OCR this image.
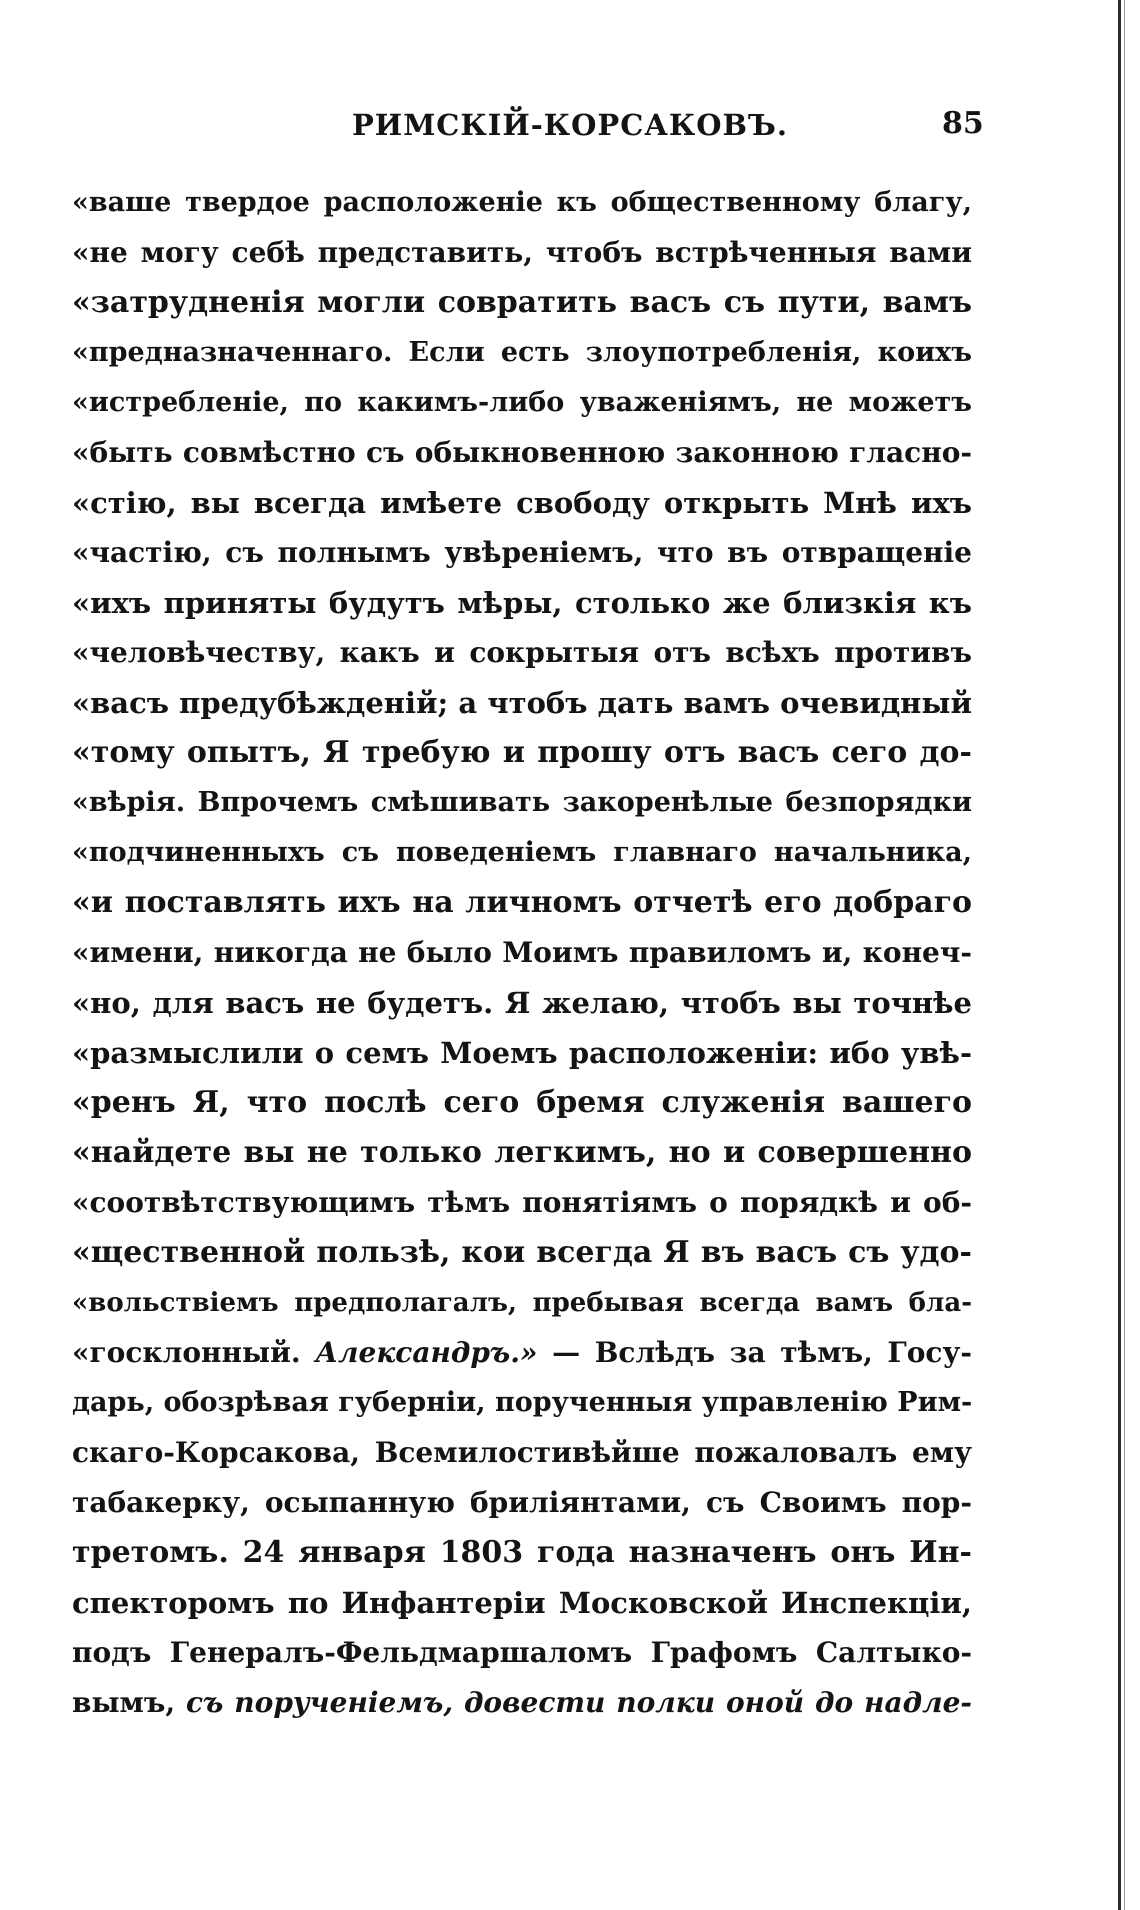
РИМСКІЙ-КОРСАКОВЪ.	85
«ваше твердое расположеніе къ общественному благу,
«не могу себѣ представить, чтобъ встрѣченныя вами
«затрудненія могли совратить васъ съ пути, вамъ
«предназначеннаго. Если есть злоупотребленія, коихъ
«истребленіе, по какимъ-либо уваженіямъ, не можетъ
«быть совмѣстно съ обыкновенною законною гласно-
«стію, вы всегда имѣете свободу открыть Мнѣ ихъ
«частію, съ полнымъ увѣреніемъ, что въ отвращеніе
«ихъ приняты будутъ мѣры, столько же близкія къ
«человѣчеству, какъ и сокрытыя отъ всѣхъ противъ
«васъ предубѣжденій; а чтобъ дать вамъ очевидный
«тому опытъ, Я требую и прошу отъ васъ сего до-
«вѣрія. Впрочемъ смѣшивать закоренѣлые безпорядки
«подчиненныхъ съ поведеніемъ главнаго начальника,
«и поставлять ихъ на личномъ отчетѣ его добраго
«имени, никогда не было Моимъ правиломъ и, конеч-
«но, для васъ не будетъ. Я желаю, чтобъ вы точнѣе
«размыслили о семъ Моемъ расположеніи: ибо увѣ-
«ренъ Я, что послѣ сего бремя служенія вашего
«найдете вы не только легкимъ, но и совершенно
«соотвѣтствующимъ тѣмъ понятіямъ о порядкѣ и об-
«щественной пользѣ, кои всегда Я въ васъ съ удо-
«вольствіемъ предполагалъ, пребывая всегда вамъ бла-
«госклонный. Александръ.» — Вслѣдъ за тѣмъ, Госу-
дарь, обозрѣвая губерніи, порученныя управленію Рим-
скаго-Корсакова, Всемилостивѣйше пожаловалъ ему
табакерку, осыпанную бриліянтами, съ Своимъ пор-
третомъ. 24 января 1803 года назначенъ онъ Ин-
спекторомъ по Инфантеріи Московской Инспекціи,
подъ Генералъ-Фельдмаршаломъ Графомъ Салтыко-
вымъ, съ порученіемъ, довести полки оной до надле-
